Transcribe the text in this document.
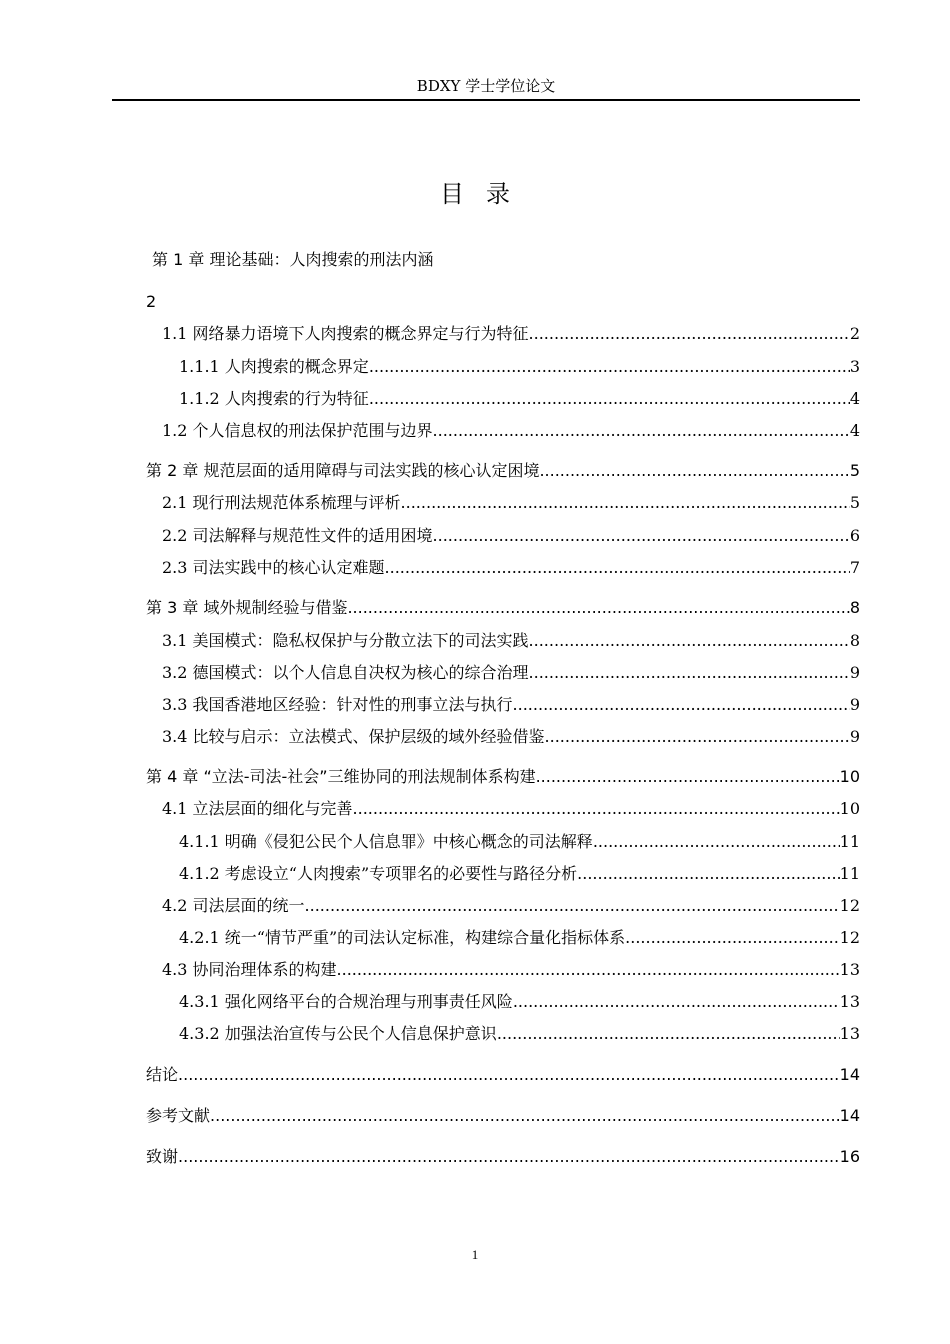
BDXY 学士学位论文
目录
第 1 章 理论基础：人肉搜索的刑法内涵
2
1.1 网络暴力语境下人肉搜索的概念界定与行为特征 .....	2
1.1.1 人肉搜索的概念界定 .....	3
1.1.2 人肉搜索的行为特征 .....	4
1.2 个人信息权的刑法保护范围与边界 .....	4
第 2 章 规范层面的适用障碍与司法实践的核心认定困境 .....	5
2.1 现行刑法规范体系梳理与评析 .....	5
2.2 司法解释与规范性文件的适用困境 .....	6
2.3 司法实践中的核心认定难题 .....	7
第 3 章 域外规制经验与借鉴 .....	8
3.1 美国模式：隐私权保护与分散立法下的司法实践 .....	8
3.2 德国模式：以个人信息自决权为核心的综合治理 .....	9
3.3 我国香港地区经验：针对性的刑事立法与执行 .....	9
3.4 比较与启示：立法模式、保护层级的域外经验借鉴 .....	9
第 4 章 “立法-司法-社会”三维协同的刑法规制体系构建 .....	10
4.1 立法层面的细化与完善 .....	10
4.1.1 明确《侵犯公民个人信息罪》中核心概念的司法解释 .....	11
4.1.2 考虑设立“人肉搜索”专项罪名的必要性与路径分析 .....	11
4.2 司法层面的统一 .....	12
4.2.1 统一“情节严重”的司法认定标准，构建综合量化指标体系 .....	12
4.3 协同治理体系的构建 .....	13
4.3.1 强化网络平台的合规治理与刑事责任风险 .....	13
4.3.2 加强法治宣传与公民个人信息保护意识 .....	13
结论 .....	14
参考文献 .....	14
致谢 .....	16
1
